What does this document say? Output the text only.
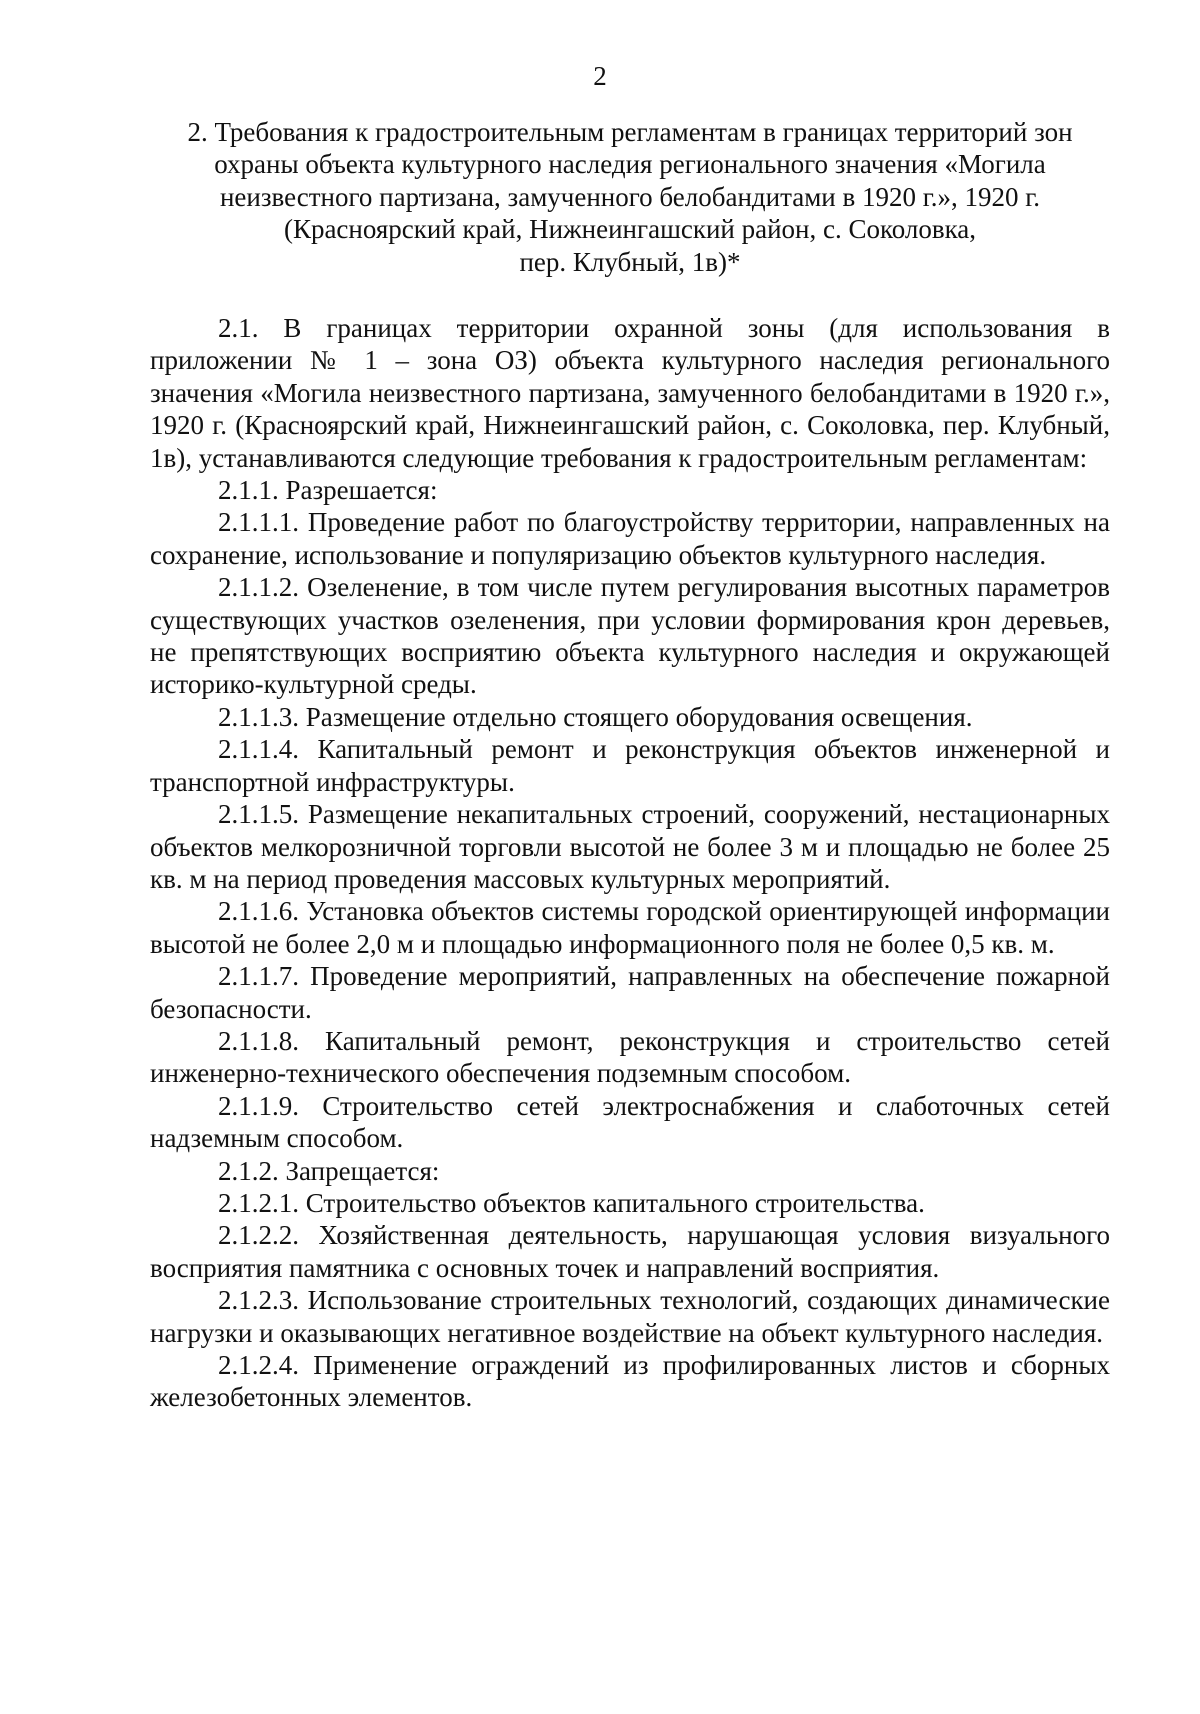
2
2. Требования к градостроительным регламентам в границах территорий зон
охраны объекта культурного наследия регионального значения «Могила
неизвестного партизана, замученного белобандитами в 1920 г.», 1920 г.
(Красноярский край, Нижнеингашский район, с. Соколовка,
пер. Клубный, 1в)*

2.1. В границах территории охранной зоны (для использования в приложении № 1 – зона ОЗ) объекта культурного наследия регионального значения «Могила неизвестного партизана, замученного белобандитами в 1920 г.», 1920 г. (Красноярский край, Нижнеингашский район, с. Соколовка, пер. Клубный, 1в), устанавливаются следующие требования к градостроительным регламентам:

2.1.1. Разрешается:

2.1.1.1. Проведение работ по благоустройству территории, направленных на сохранение, использование и популяризацию объектов культурного наследия.

2.1.1.2. Озеленение, в том числе путем регулирования высотных параметров существующих участков озеленения, при условии формирования крон деревьев, не препятствующих восприятию объекта культурного наследия и окружающей историко-культурной среды.

2.1.1.3. Размещение отдельно стоящего оборудования освещения.

2.1.1.4. Капитальный ремонт и реконструкция объектов инженерной и транспортной инфраструктуры.

2.1.1.5. Размещение некапитальных строений, сооружений, нестационарных объектов мелкорозничной торговли высотой не более 3 м и площадью не более 25 кв. м на период проведения массовых культурных мероприятий.

2.1.1.6. Установка объектов системы городской ориентирующей информации высотой не более 2,0 м и площадью информационного поля не более 0,5 кв. м.

2.1.1.7. Проведение мероприятий, направленных на обеспечение пожарной безопасности.

2.1.1.8. Капитальный ремонт, реконструкция и строительство сетей инженерно-технического обеспечения подземным способом.

2.1.1.9. Строительство сетей электроснабжения и слаботочных сетей надземным способом.

2.1.2. Запрещается:

2.1.2.1. Строительство объектов капитального строительства.

2.1.2.2. Хозяйственная деятельность, нарушающая условия визуального восприятия памятника с основных точек и направлений восприятия.

2.1.2.3. Использование строительных технологий, создающих динамические нагрузки и оказывающих негативное воздействие на объект культурного наследия.

2.1.2.4. Применение ограждений из профилированных листов и сборных железобетонных элементов.
